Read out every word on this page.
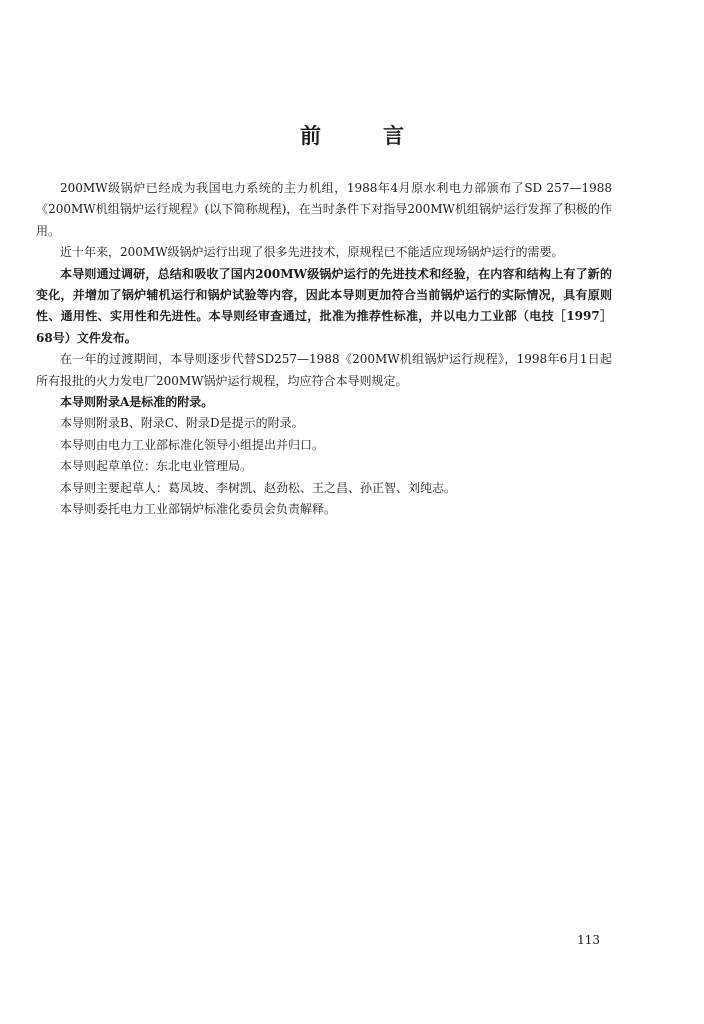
前言

200MW级锅炉已经成为我国电力系统的主力机组，1988年4月原水利电力部颁布了SD 257—1988《200MW机组锅炉运行规程》(以下简称规程)，在当时条件下对指导200MW机组锅炉运行发挥了积极的作用。

近十年来，200MW级锅炉运行出现了很多先进技术，原规程已不能适应现场锅炉运行的需要。

本导则通过调研，总结和吸收了国内200MW级锅炉运行的先进技术和经验，在内容和结构上有了新的变化，并增加了锅炉辅机运行和锅炉试验等内容，因此本导则更加符合当前锅炉运行的实际情况，具有原则性、通用性、实用性和先进性。本导则经审查通过，批准为推荐性标准，并以电力工业部（电技［1997］68号）文件发布。

在一年的过渡期间，本导则逐步代替SD257—1988《200MW机组锅炉运行规程》，1998年6月1日起所有报批的火力发电厂200MW锅炉运行规程，均应符合本导则规定。

本导则附录A是标准的附录。

本导则附录B、附录C、附录D是提示的附录。

本导则由电力工业部标准化领导小组提出并归口。

本导则起草单位：东北电业管理局。

本导则主要起草人：葛凤坡、李树凯、赵劲松、王之昌、孙正智、刘纯志。

本导则委托电力工业部锅炉标准化委员会负责解释。

113
